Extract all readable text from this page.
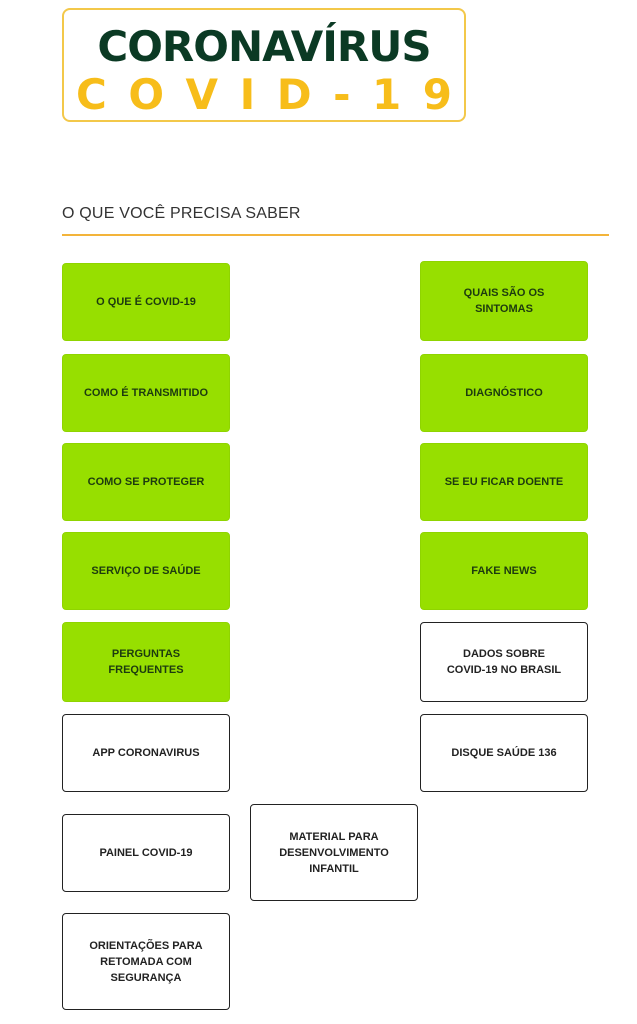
CORONAVÍRUS
C O V I D - 1 9
O QUE VOCÊ PRECISA SABER
O QUE É COVID-19
QUAIS SÃO OS
SINTOMAS
COMO É TRANSMITIDO	DIAGNÓSTICO
COMO SE PROTEGER	SE EU FICAR DOENTE
SERVIÇO DE SAÚDE	FAKE NEWS
PERGUNTAS
FREQUENTES
DADOS SOBRE
COVID-19 NO BRASIL
APP CORONAVIRUS	DISQUE SAÚDE 136
PAINEL COVID-19
MATERIAL PARA
DESENVOLVIMENTO
INFANTIL
ORIENTAÇÕES PARA
RETOMADA COM
SEGURANÇA
